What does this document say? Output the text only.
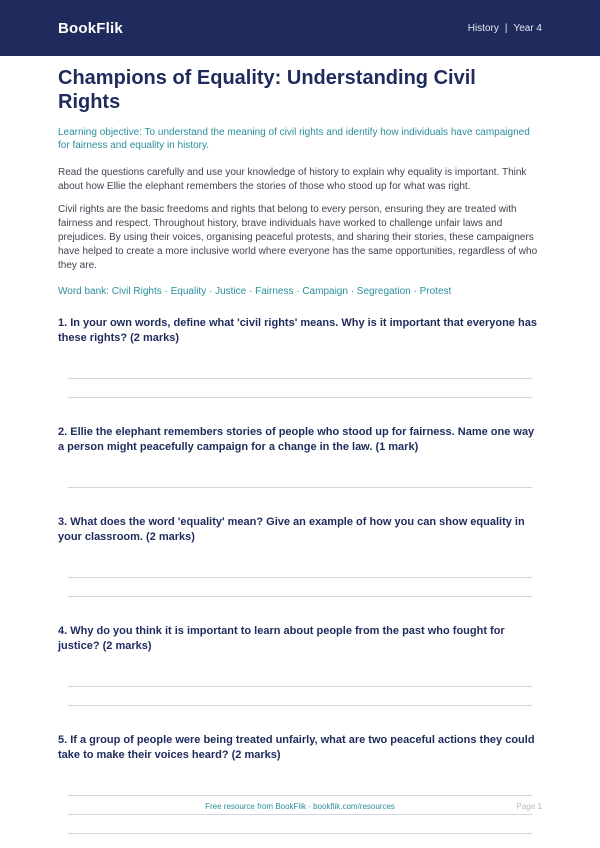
BookFlik	History | Year 4
Champions of Equality: Understanding Civil Rights

Learning objective: To understand the meaning of civil rights and identify how individuals have campaigned for fairness and equality in history.

Read the questions carefully and use your knowledge of history to explain why equality is important. Think about how Ellie the elephant remembers the stories of those who stood up for what was right.

Civil rights are the basic freedoms and rights that belong to every person, ensuring they are treated with fairness and respect. Throughout history, brave individuals have worked to challenge unfair laws and prejudices. By using their voices, organising peaceful protests, and sharing their stories, these campaigners have helped to create a more inclusive world where everyone has the same opportunities, regardless of who they are.

Word bank: Civil Rights · Equality · Justice · Fairness · Campaign · Segregation · Protest

1. In your own words, define what 'civil rights' means. Why is it important that everyone has these rights? (2 marks)
2. Ellie the elephant remembers stories of people who stood up for fairness. Name one way a person might peacefully campaign for a change in the law. (1 mark)
3. What does the word 'equality' mean? Give an example of how you can show equality in your classroom. (2 marks)
4. Why do you think it is important to learn about people from the past who fought for justice? (2 marks)
5. If a group of people were being treated unfairly, what are two peaceful actions they could take to make their voices heard? (2 marks)
Free resource from BookFlik · bookflik.com/resources	Page 1
